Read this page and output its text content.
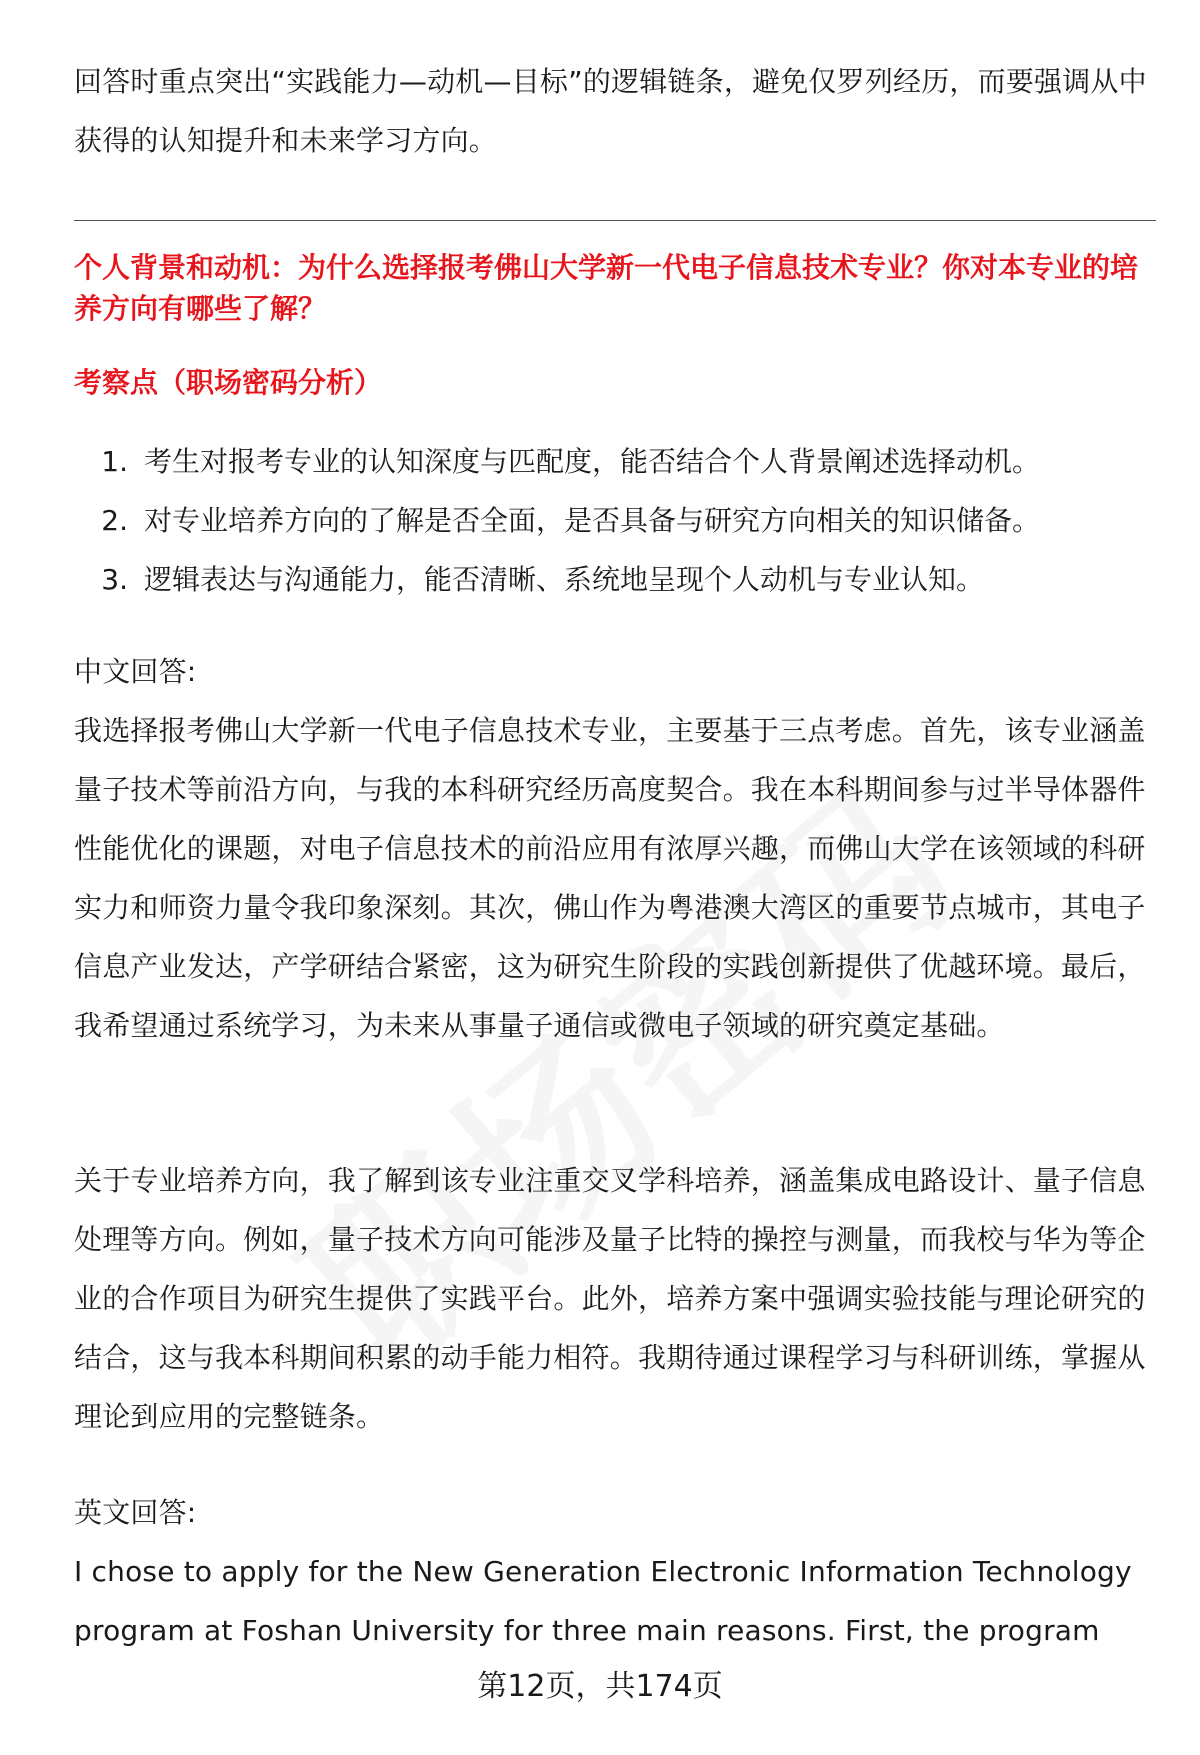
回答时重点突出“实践能力—动机—目标”的逻辑链条，避免仅罗列经历，而要强调从中获得的认知提升和未来学习方向。

个人背景和动机：为什么选择报考佛山大学新一代电子信息技术专业？你对本专业的培养方向有哪些了解？

考察点（职场密码分析）

1. 考生对报考专业的认知深度与匹配度，能否结合个人背景阐述选择动机。
2. 对专业培养方向的了解是否全面，是否具备与研究方向相关的知识储备。
3. 逻辑表达与沟通能力，能否清晰、系统地呈现个人动机与专业认知。

中文回答:

我选择报考佛山大学新一代电子信息技术专业，主要基于三点考虑。首先，该专业涵盖量子技术等前沿方向，与我的本科研究经历高度契合。我在本科期间参与过半导体器件性能优化的课题，对电子信息技术的前沿应用有浓厚兴趣，而佛山大学在该领域的科研实力和师资力量令我印象深刻。其次，佛山作为粤港澳大湾区的重要节点城市，其电子信息产业发达，产学研结合紧密，这为研究生阶段的实践创新提供了优越环境。最后，我希望通过系统学习，为未来从事量子通信或微电子领域的研究奠定基础。

关于专业培养方向，我了解到该专业注重交叉学科培养，涵盖集成电路设计、量子信息处理等方向。例如，量子技术方向可能涉及量子比特的操控与测量，而我校与华为等企业的合作项目为研究生提供了实践平台。此外，培养方案中强调实验技能与理论研究的结合，这与我本科期间积累的动手能力相符。我期待通过课程学习与科研训练，掌握从理论到应用的完整链条。

英文回答:

I chose to apply for the New Generation Electronic Information Technology program at Foshan University for three main reasons. First, the program

第12页，共174页
